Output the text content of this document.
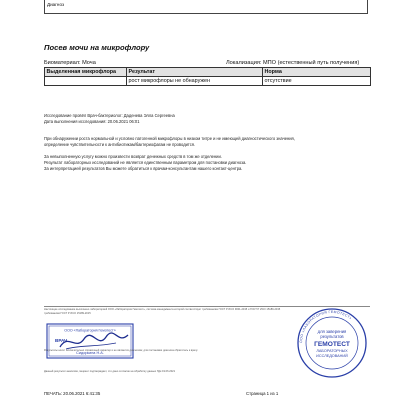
Диагноз
Посев мочи на микрофлору
Биоматериал: Моча	Локализация: МПО (естественный путь получения)
Выделенная микрофлора	Результат	Норма
	рост микрофлоры не обнаружен	отсутствие
Исследование провёл Врач-бактериолог: Даденева Элла Сергеевна
Дата выполнения исследования: 20.06.2021 06:01
При обнаружении роста нормальной и условно патогенной микрофлоры в низком титре и не имеющей диагностического значения,
определение чувствительности к антибиотикам/бактериофагам не проводится.
За невыполненную услугу можно произвести возврат денежных средств в том же отделении.
Результат лабораторных исследований не является единственным параметром для постановки диагноза.
За интерпретацией результатов Вы можете обратиться к врачам-консультантам нашего контакт-центра.
Настоящее исследование выполнено лабораторией ООО «Лаборатория Гемотест», система менеджмента которой соответствует требованиям ГОСТ Р ИСО 9001-2015 и ГОСТ Р ИСО 15189-2015
требованиям ГОСТ Р ИСО 15189-2015
ООО «Лаборатория Гемотест»
ВРАЧ
Сидоркина Н.А.
Результаты носят исключительно справочный характер и не являются диагнозом; для постановки диагноза обратитесь к врачу
Данный результат анализов, пациент подтверждает, что дано согласие на обработку данных ГДи 19.06.2021
ООО «ЛАБОРАТОРИЯ ГЕМОТЕСТ»
для заверения
результатов
ГЕМОТЕСТ
ЛАБОРАТОРНЫХ
ИССЛЕДОВАНИЙ
ПЕЧАТЬ: 20.06.2021 6:41:35	Страница 1 из 1
